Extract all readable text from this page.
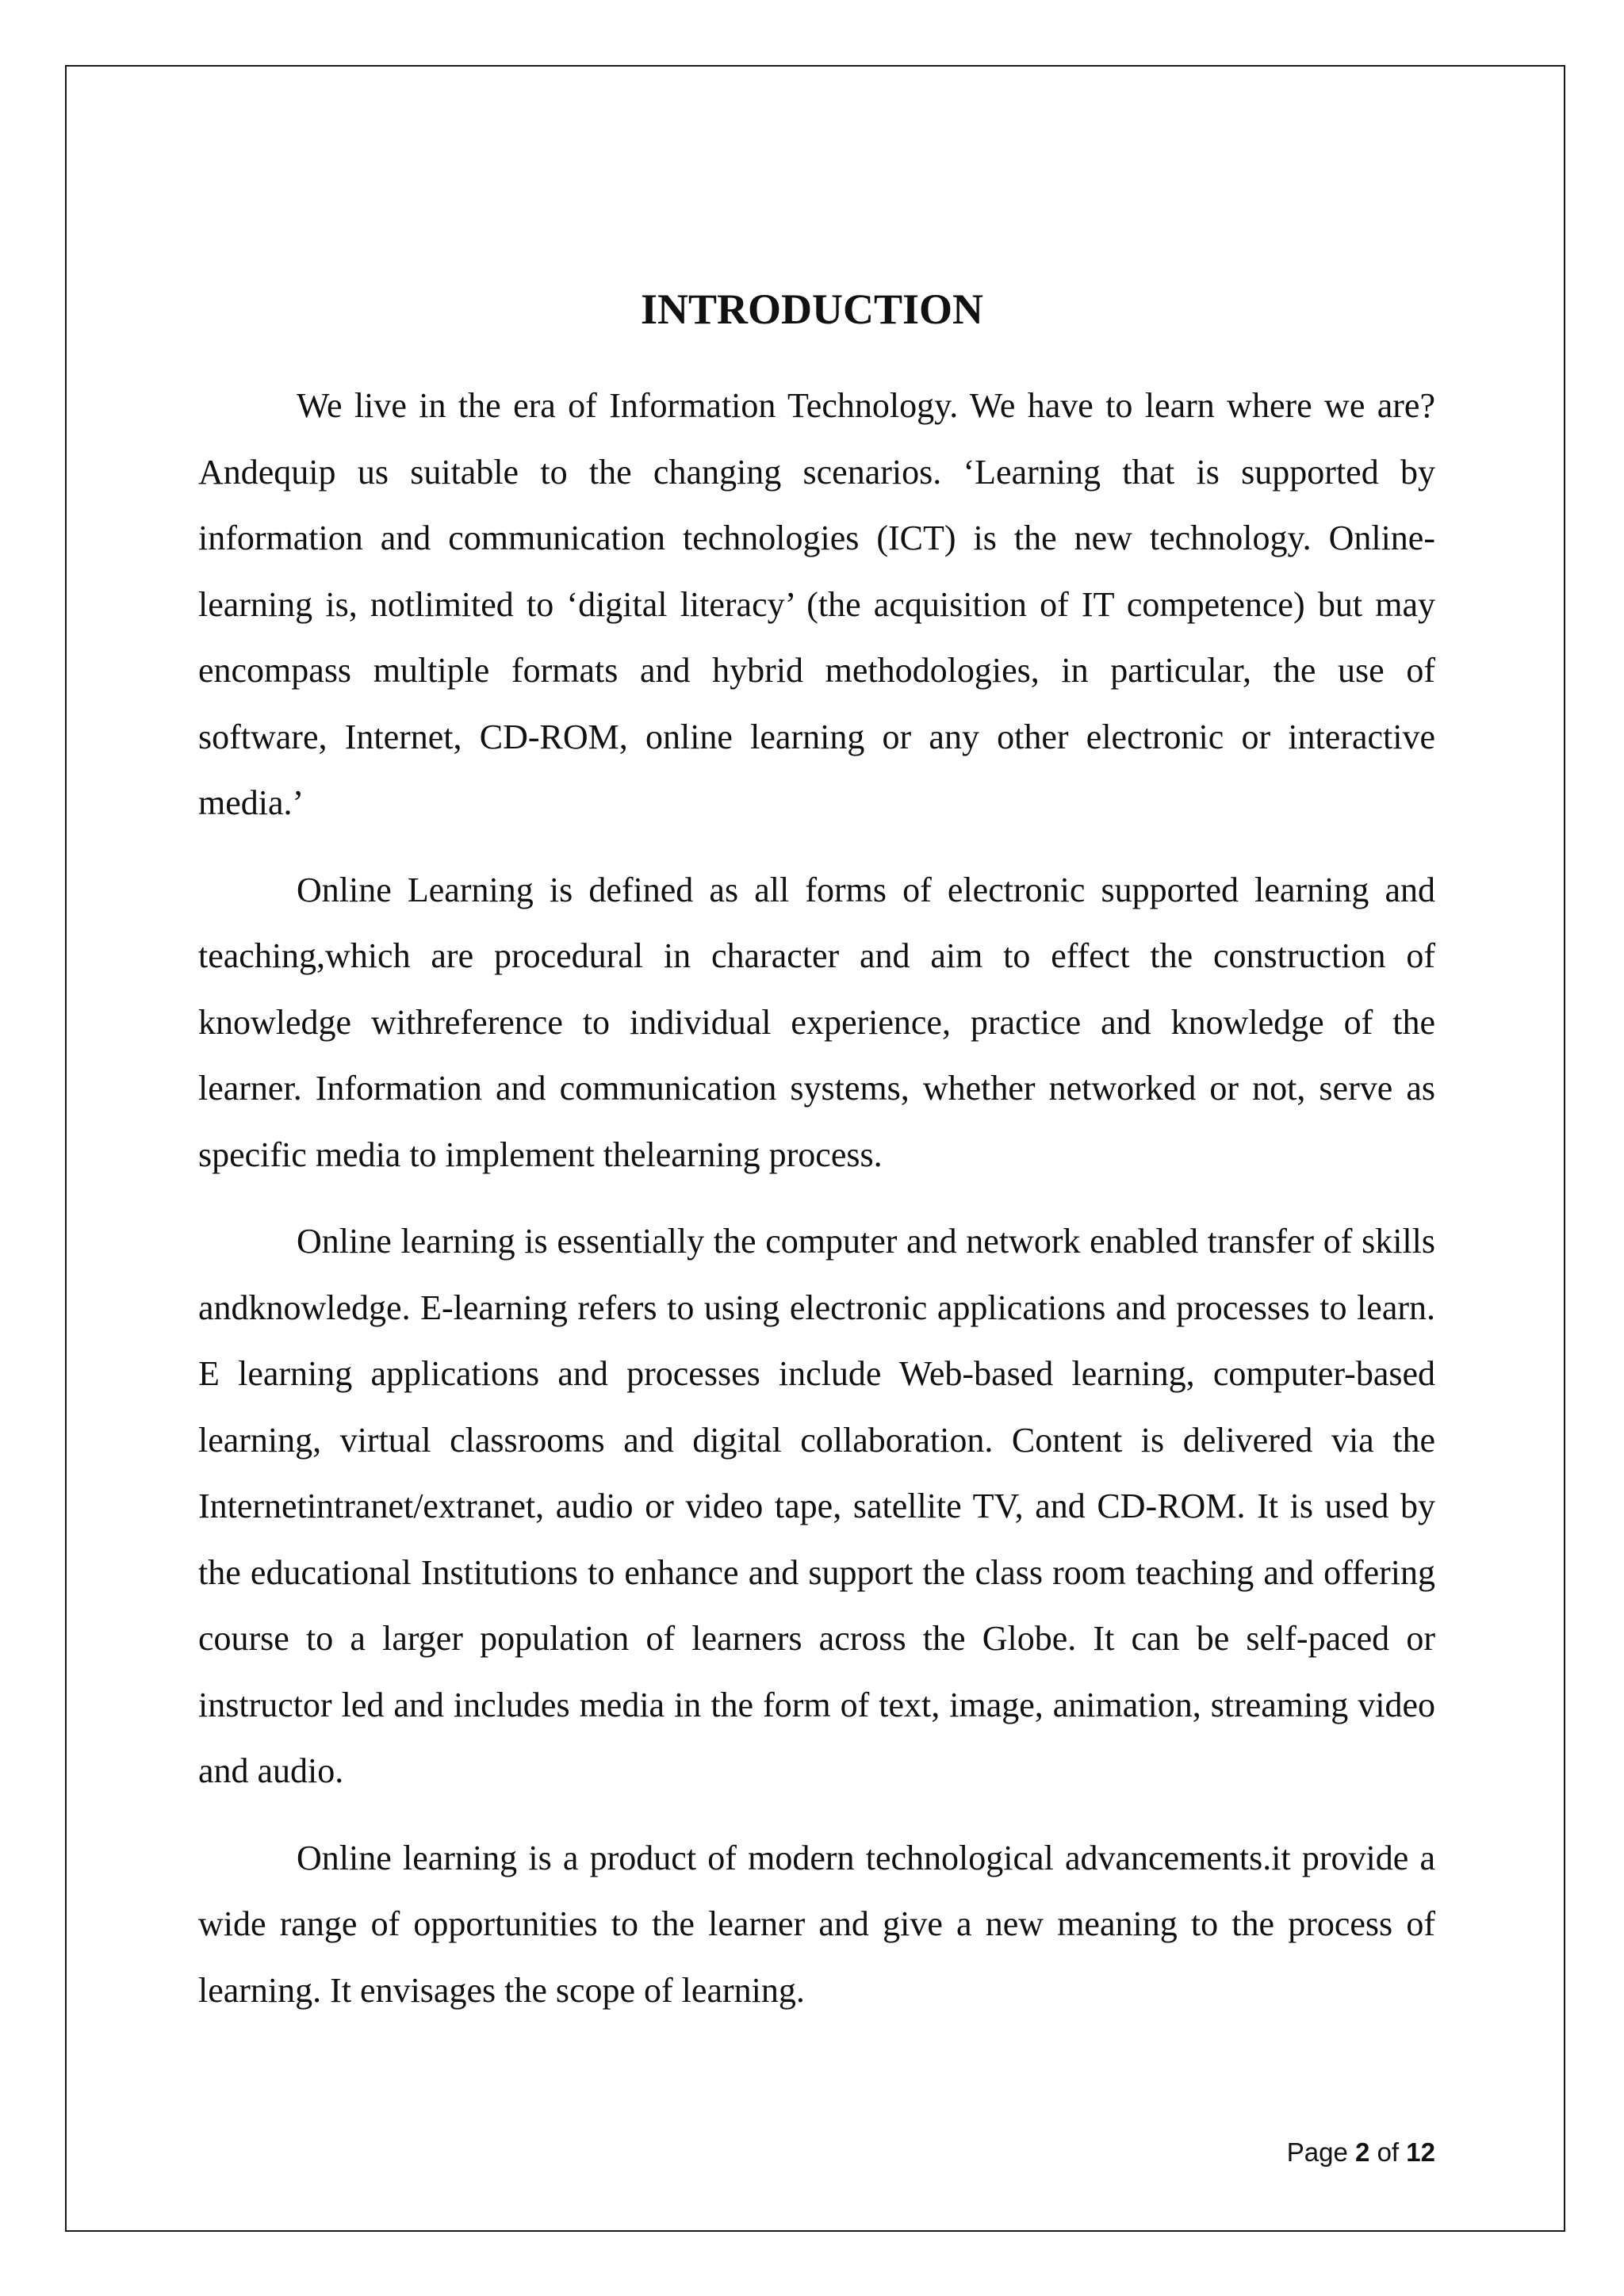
INTRODUCTION

We live in the era of Information Technology. We have to learn where we are? Andequip us suitable to the changing scenarios. ‘Learning that is supported by information and communication technologies (ICT) is the new technology. Online-learning is, notlimited to ‘digital literacy’ (the acquisition of IT competence) but may encompass multiple formats and hybrid methodologies, in particular, the use of software, Internet, CD-ROM, online learning or any other electronic or interactive media.’

Online Learning is defined as all forms of electronic supported learning and teaching,which are procedural in character and aim to effect the construction of knowledge withreference to individual experience, practice and knowledge of the learner. Information and communication systems, whether networked or not, serve as specific media to implement thelearning process.

Online learning is essentially the computer and network enabled transfer of skills andknowledge. E-learning refers to using electronic applications and processes to learn. E learning applications and processes include Web-based learning, computer-based learning, virtual classrooms and digital collaboration. Content is delivered via the Internetintranet/extranet, audio or video tape, satellite TV, and CD-ROM. It is used by the educational Institutions to enhance and support the class room teaching and offering course to a larger population of learners across the Globe. It can be self-paced or instructor led and includes media in the form of text, image, animation, streaming video and audio.

Online learning is a product of modern technological advancements.it provide a wide range of opportunities to the learner and give a new meaning to the process of learning. It envisages the scope of learning.

Page 2 of 12
